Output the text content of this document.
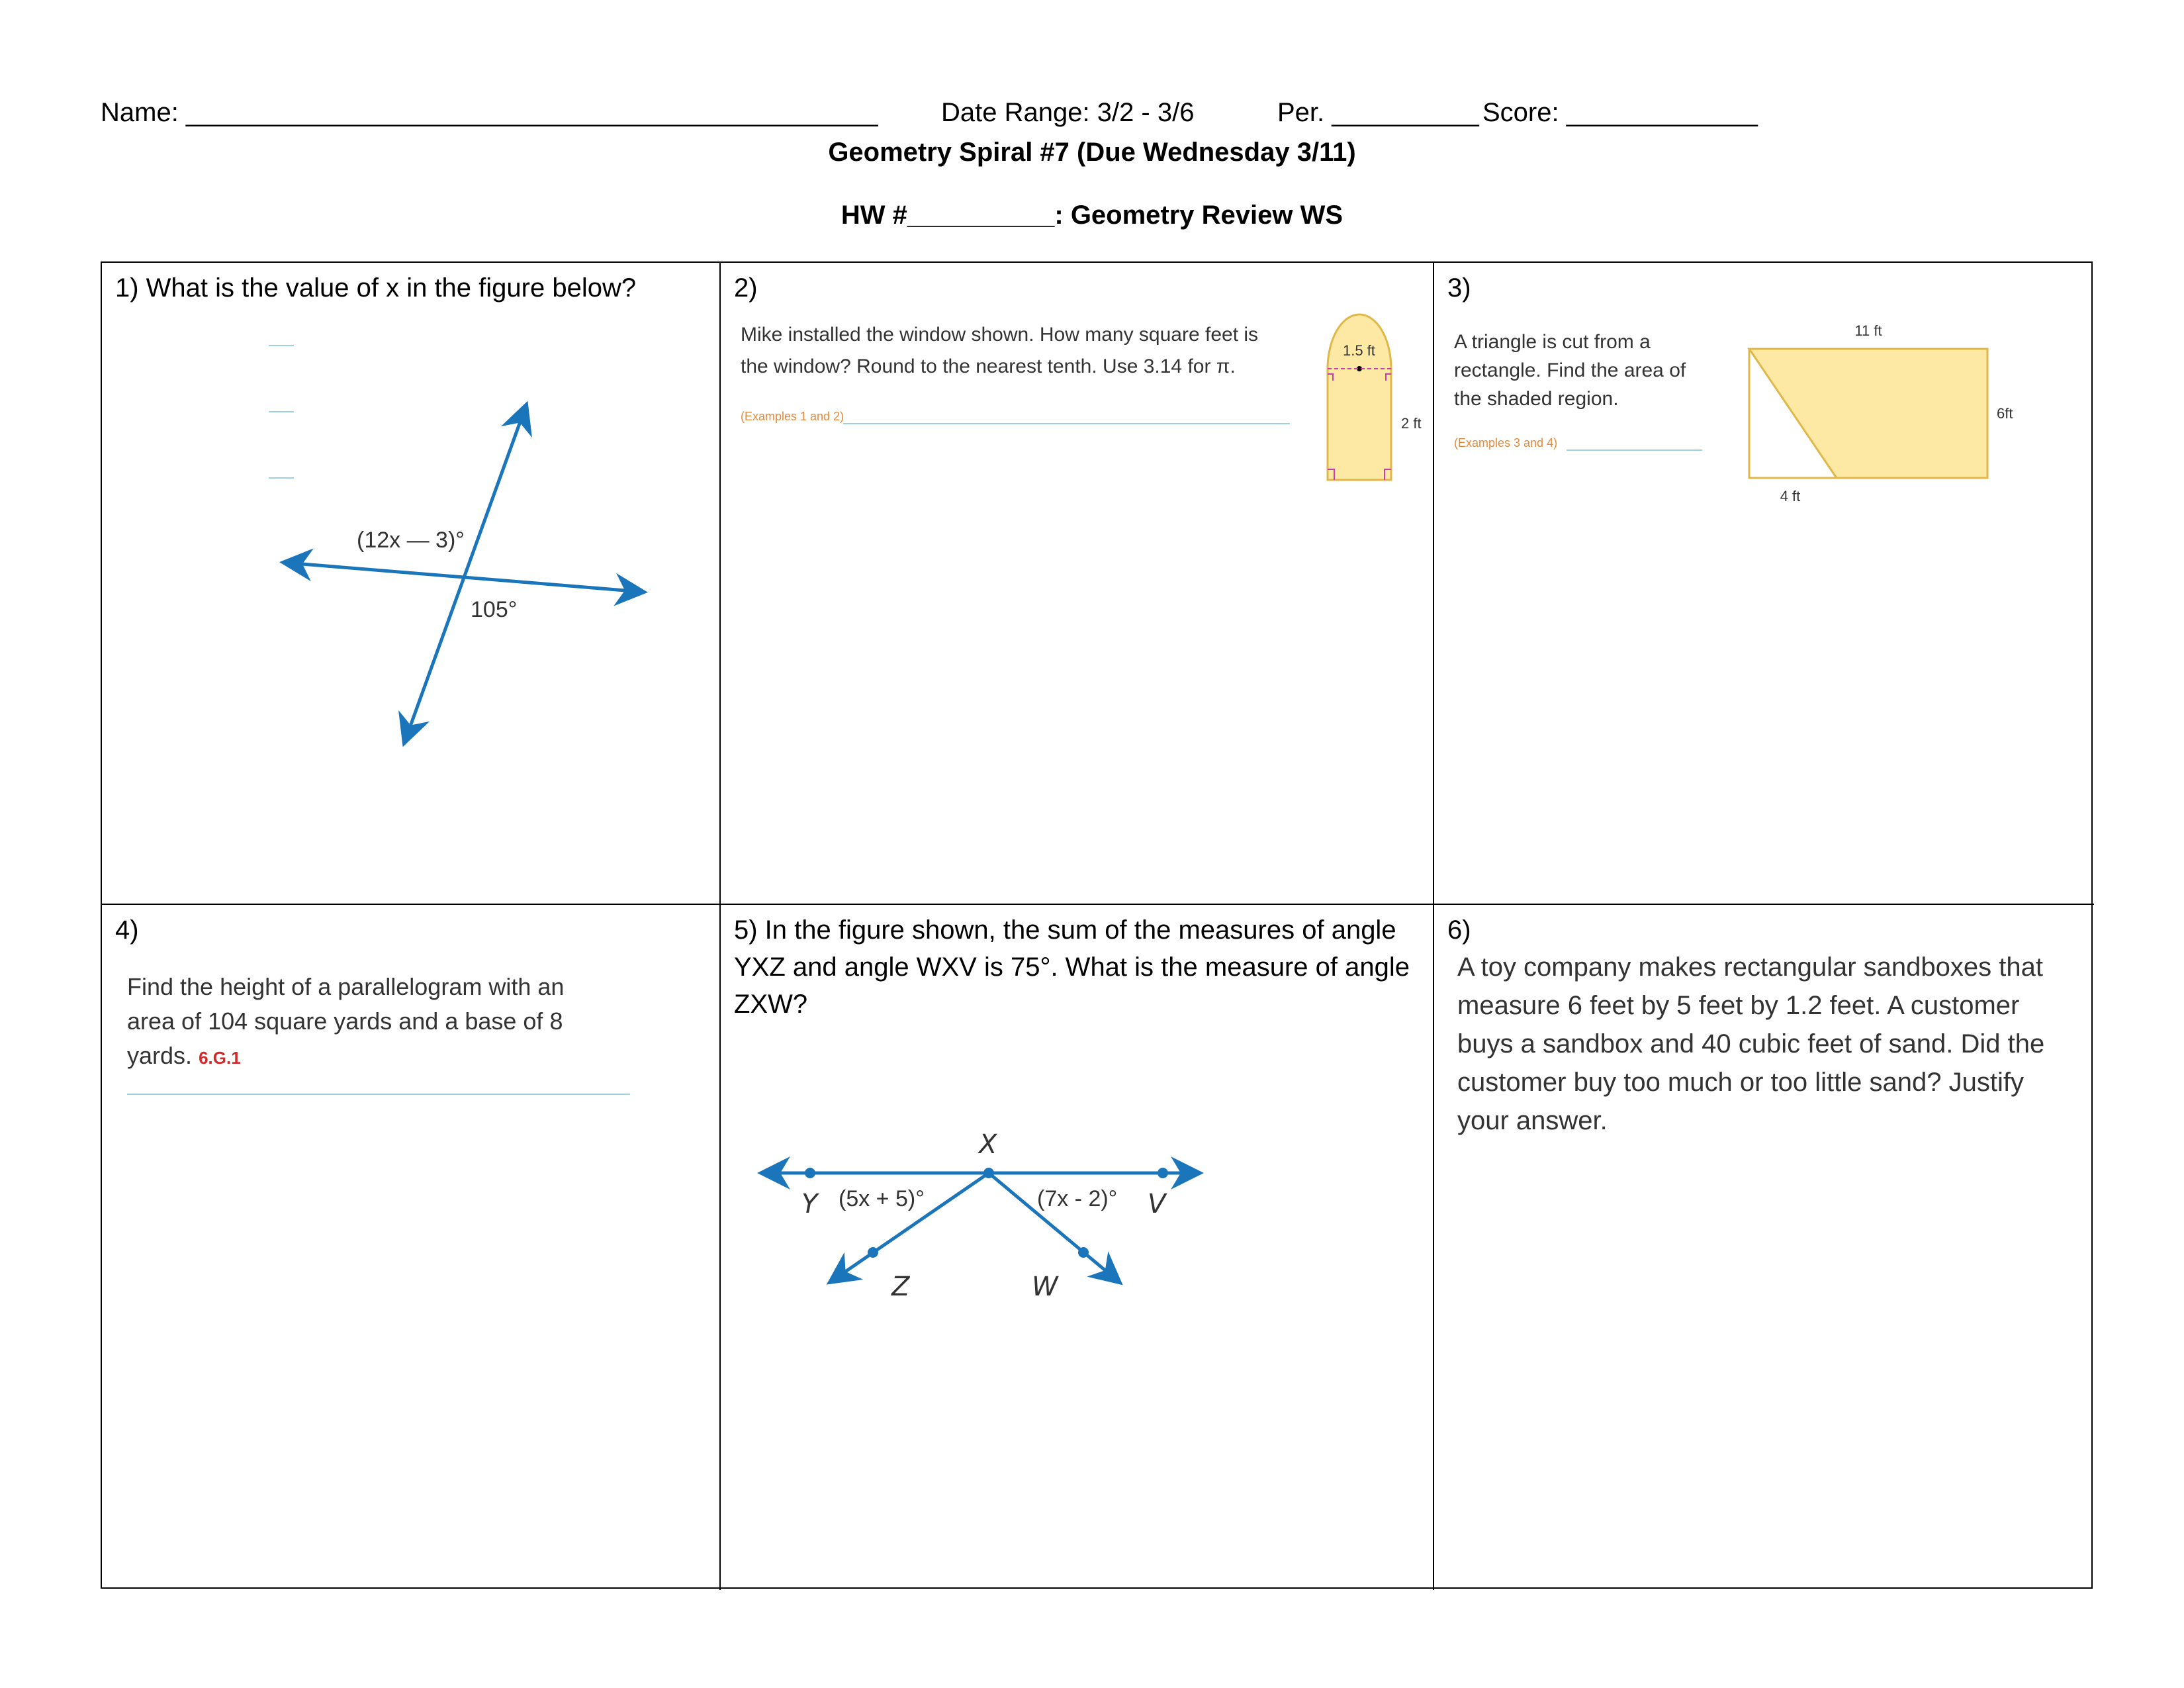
Name: _______________________________________________ Date Range: 3/2 - 3/6	Per. __________ Score: _____________
Geometry Spiral #7 (Due Wednesday 3/11)
HW #__________: Geometry Review WS
1) What is the value of x in the figure below?
(12x — 3)°
105°
2)
Mike installed the window shown. How many square feet is the window? Round to the nearest tenth. Use 3.14 for π.
(Examples 1 and 2)
1.5 ft
2 ft
3)
A triangle is cut from a rectangle. Find the area of the shaded region.
(Examples 3 and 4)
11 ft
6ft
4 ft
4)
Find the height of a parallelogram with an area of 104 square yards and a base of 8 yards. 6.G.1
5) In the figure shown, the sum of the measures of angle YXZ and angle WXV is 75°. What is the measure of angle ZXW?
X
Y	V
Z	W
(5x + 5)°	(7x - 2)°
6)
A toy company makes rectangular sandboxes that measure 6 feet by 5 feet by 1.2 feet. A customer buys a sandbox and 40 cubic feet of sand. Did the customer buy too much or too little sand? Justify your answer.
